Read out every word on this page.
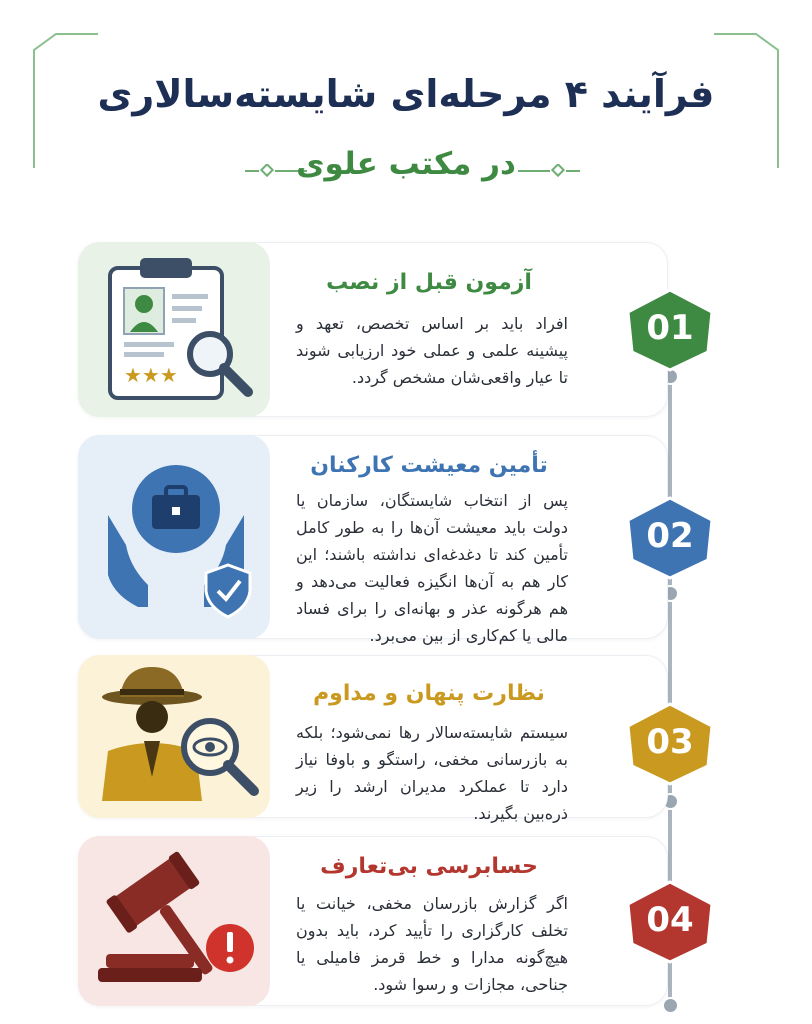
فرآیند ۴ مرحله‌ای شایسته‌سالاری
در مکتب علوی
★★★
آزمون قبل از نصب
افراد باید بر اساس تخصص، تعهد و پیشینه علمی و عملی خود ارزیابی شوند تا عیار واقعی‌شان مشخص گردد.
01
تأمین معیشت کارکنان
پس از انتخاب شایستگان، سازمان یا دولت باید معیشت آن‌ها را به طور کامل تأمین کند تا دغدغه‌ای نداشته باشند؛ این کار هم به آن‌ها انگیزه فعالیت می‌دهد و هم هرگونه عذر و بهانه‌ای را برای فساد مالی یا کم‌کاری از بین می‌برد.
02
نظارت پنهان و مداوم
سیستم شایسته‌سالار رها نمی‌شود؛ بلکه به بازرسانی مخفی، راستگو و باوفا نیاز دارد تا عملکرد مدیران ارشد را زیر ذره‌بین بگیرند.
03
حسابرسی بی‌تعارف
اگر گزارش بازرسان مخفی، خیانت یا تخلف کارگزاری را تأیید کرد، باید بدون هیچ‌گونه مدارا و خط قرمز فامیلی یا جناحی، مجازات و رسوا شود.
04
